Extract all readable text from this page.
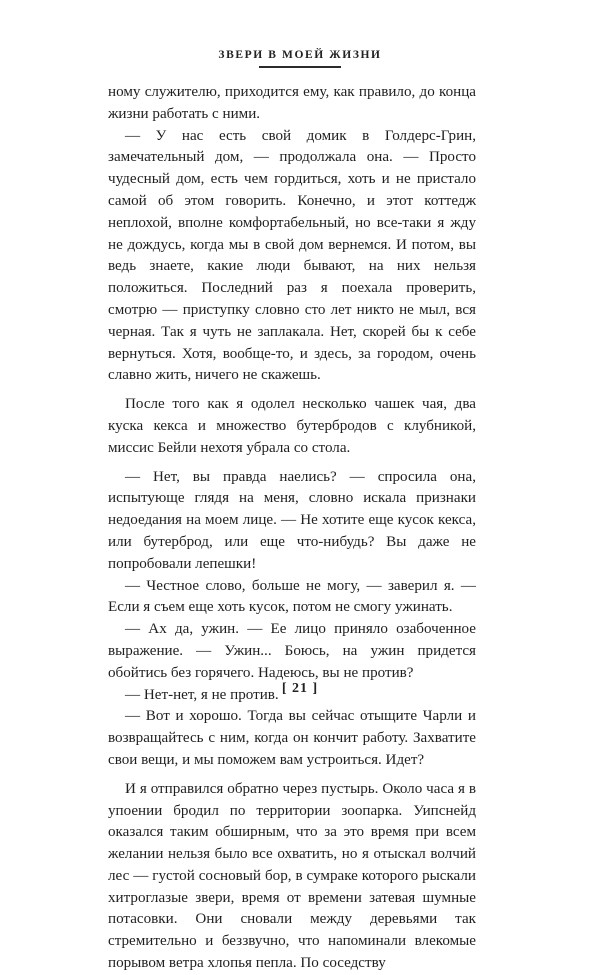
ЗВЕРИ В МОЕЙ ЖИЗНИ

ному служителю, приходится ему, как правило, до конца жизни работать с ними.

— У нас есть свой домик в Голдерс-Грин, замечательный дом, — продолжала она. — Просто чудесный дом, есть чем гордиться, хоть и не пристало самой об этом говорить. Конечно, и этот коттедж неплохой, вполне комфортабельный, но все-таки я жду не дождусь, когда мы в свой дом вернемся. И потом, вы ведь знаете, какие люди бывают, на них нельзя положиться. Последний раз я поехала проверить, смотрю — приступку словно сто лет никто не мыл, вся черная. Так я чуть не заплакала. Нет, скорей бы к себе вернуться. Хотя, вообще-то, и здесь, за городом, очень славно жить, ничего не скажешь.

После того как я одолел несколько чашек чая, два куска кекса и множество бутербродов с клубникой, миссис Бейли нехотя убрала со стола.

— Нет, вы правда наелись? — спросила она, испытующе глядя на меня, словно искала признаки недоедания на моем лице. — Не хотите еще кусок кекса, или бутерброд, или еще что-нибудь? Вы даже не попробовали лепешки!

— Честное слово, больше не могу, — заверил я. — Если я съем еще хоть кусок, потом не смогу ужинать.

— Ах да, ужин. — Ее лицо приняло озабоченное выражение. — Ужин... Боюсь, на ужин придется обойтись без горячего. Надеюсь, вы не против?

— Нет-нет, я не против.

— Вот и хорошо. Тогда вы сейчас отыщите Чарли и возвращайтесь с ним, когда он кончит работу. Захватите свои вещи, и мы поможем вам устроиться. Идет?

И я отправился обратно через пустырь. Около часа я в упоении бродил по территории зоопарка. Уипснейд оказался таким обширным, что за это время при всем желании нельзя было все охватить, но я отыскал волчий лес — густой сосновый бор, в сумраке которого рыскали хитроглазые звери, время от времени затевая шумные потасовки. Они сновали между деревьями так стремительно и беззвучно, что напоминали влекомые порывом ветра хлопья пепла. По соседству

[ 21 ]
